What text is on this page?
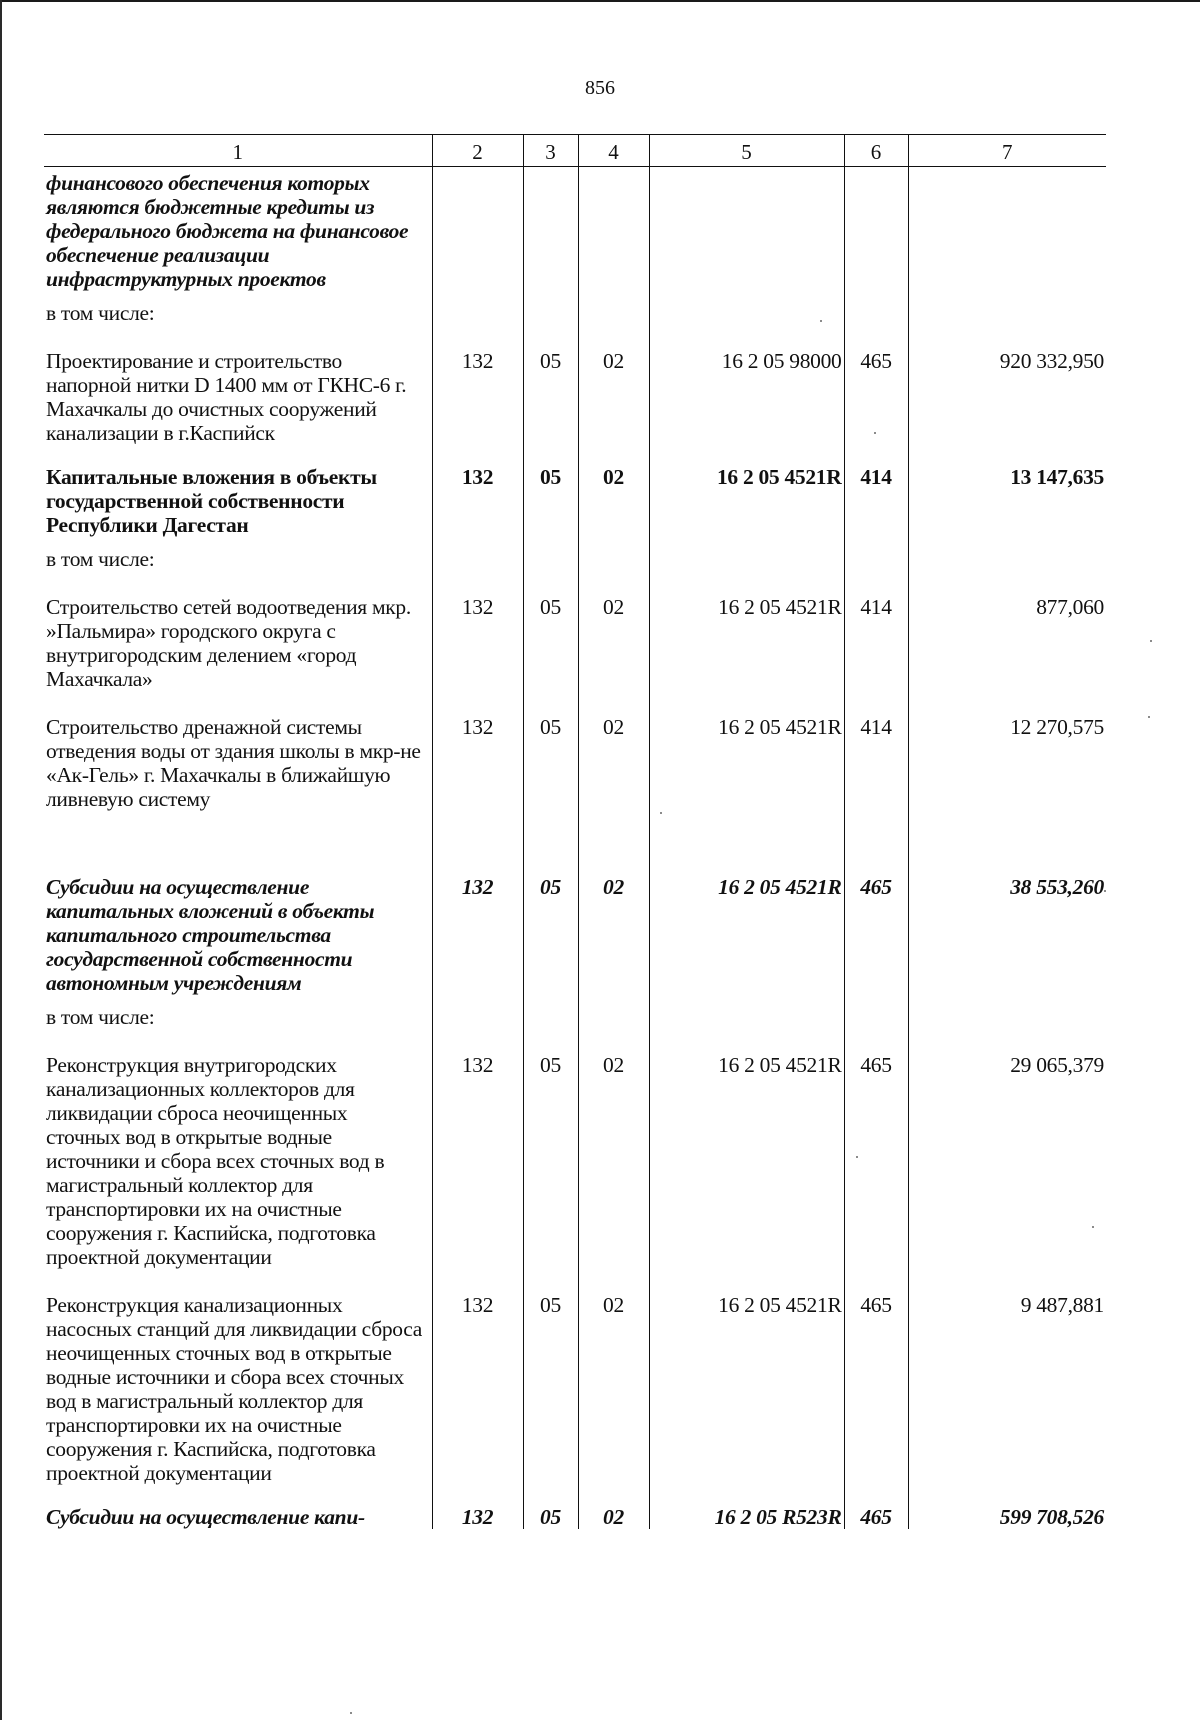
856
1	2	3	4	5	6	7
финансового обеспечения которых являются бюджетные кредиты из федерального бюджета на финансовое обеспечение реализации инфраструктурных проектов						
в том числе:						
Проектирование и строительство напорной нитки D 1400 мм от ГКНС-6 г. Махачкалы до очистных сооружений канализации в г.Каспийск	132	05	02	16 2 05 98000	465	920 332,950
Капитальные вложения в объекты государственной собственности Республики Дагестан	132	05	02	16 2 05 4521R	414	13 147,635
в том числе:						
Строительство сетей водоотведения мкр. »Пальмира» городского округа с внутригородским делением «город Махачкала»	132	05	02	16 2 05 4521R	414	877,060
Строительство дренажной системы отведения воды от здания школы в мкр-не «Ак-Гель» г. Махачкалы в ближайшую ливневую систему	132	05	02	16 2 05 4521R	414	12 270,575

Субсидии на осуществление капитальных вложений в объекты капитального строительства государственной собственности автономным учреждениям	132	05	02	16 2 05 4521R	465	38 553,260
в том числе:						
Реконструкция внутригородских канализационных коллекторов для ликвидации сброса неочищенных сточных вод в открытые водные источники и сбора всех сточных вод в магистральный коллектор для транспортировки их на очистные сооружения г. Каспийска, подготовка проектной документации	132	05	02	16 2 05 4521R	465	29 065,379
Реконструкция канализационных насосных станций для ликвидации сброса неочищенных сточных вод в открытые водные источники и сбора всех сточных вод в магистральный коллектор для транспортировки их на очистные сооружения г. Каспийска, подготовка проектной документации	132	05	02	16 2 05 4521R	465	9 487,881
Субсидии на осуществление капи-	132	05	02	16 2 05 R523R	465	599 708,526
